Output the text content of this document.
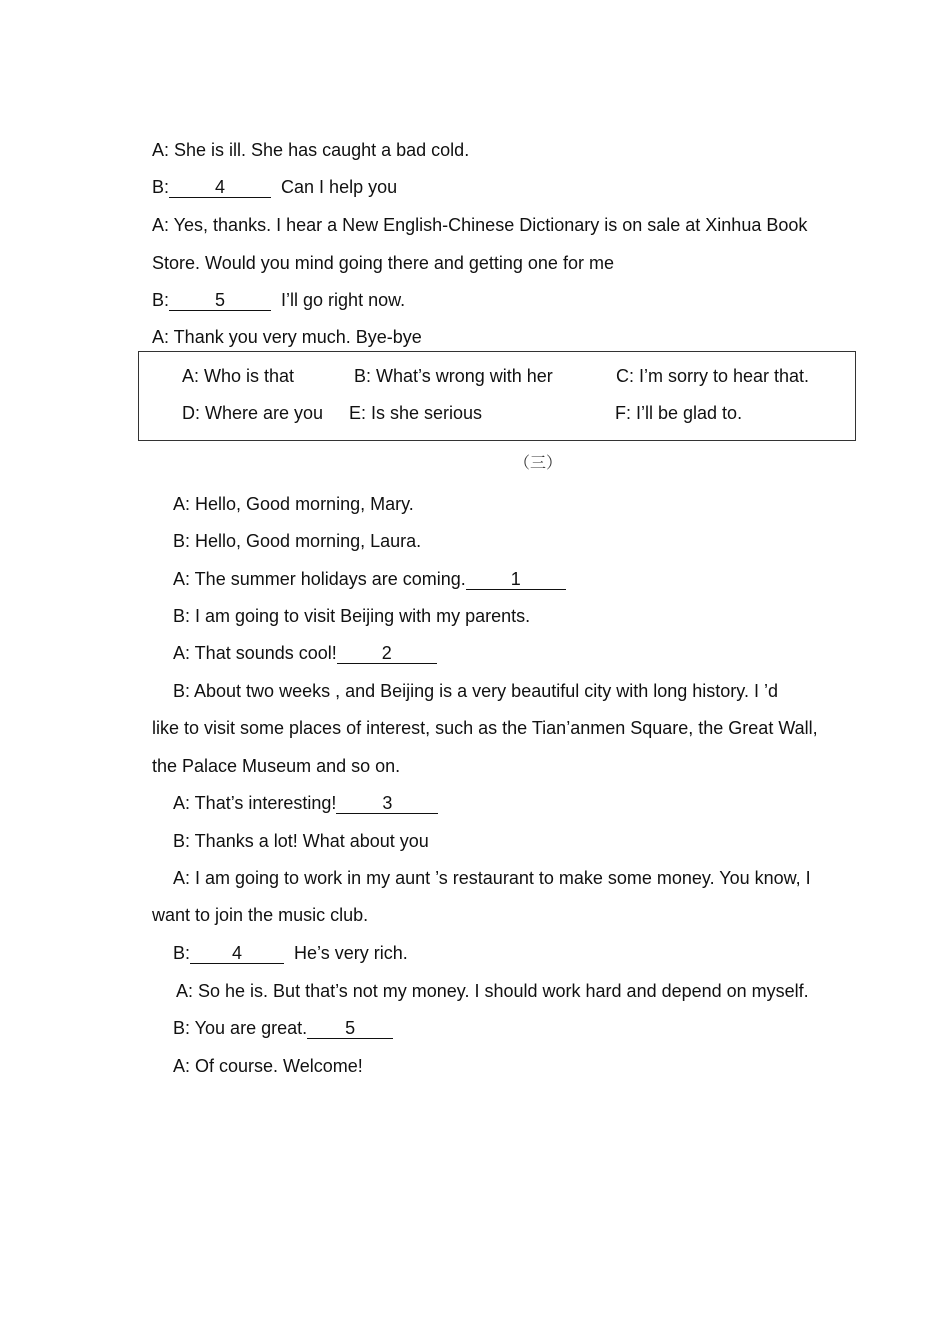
A: She is ill. She has caught a bad cold.
B:	4	Can I help you
A: Yes, thanks. I hear a New English-Chinese Dictionary is on sale at Xinhua Book
Store. Would you mind going there and getting one for me
B:	5	I’ll go right now.
A: Thank you very much. Bye-bye
A: Who is that	B: What’s wrong with her	C: I’m sorry to hear that.
D: Where are you E: Is she serious	F: I’ll be glad to.
（三）
A: Hello, Good morning, Mary.
B: Hello, Good morning, Laura.
A: The summer holidays are coming. 1
B: I am going to visit Beijing with my parents.
A: That sounds cool! 2
B: About two weeks , and Beijing is a very beautiful city with long history. I ’d
like to visit some places of interest, such as the Tian’anmen Square, the Great Wall,
the Palace Museum and so on.
A: That’s interesting!	3
B: Thanks a lot! What about you
A: I am going to work in my aunt ’s restaurant to make some money. You know, I
want to join the music club.
B: 4	He’s very rich.
A: So he is. But that’s not my money. I should work hard and depend on myself.
B: You are great. 5
A: Of course. Welcome!
